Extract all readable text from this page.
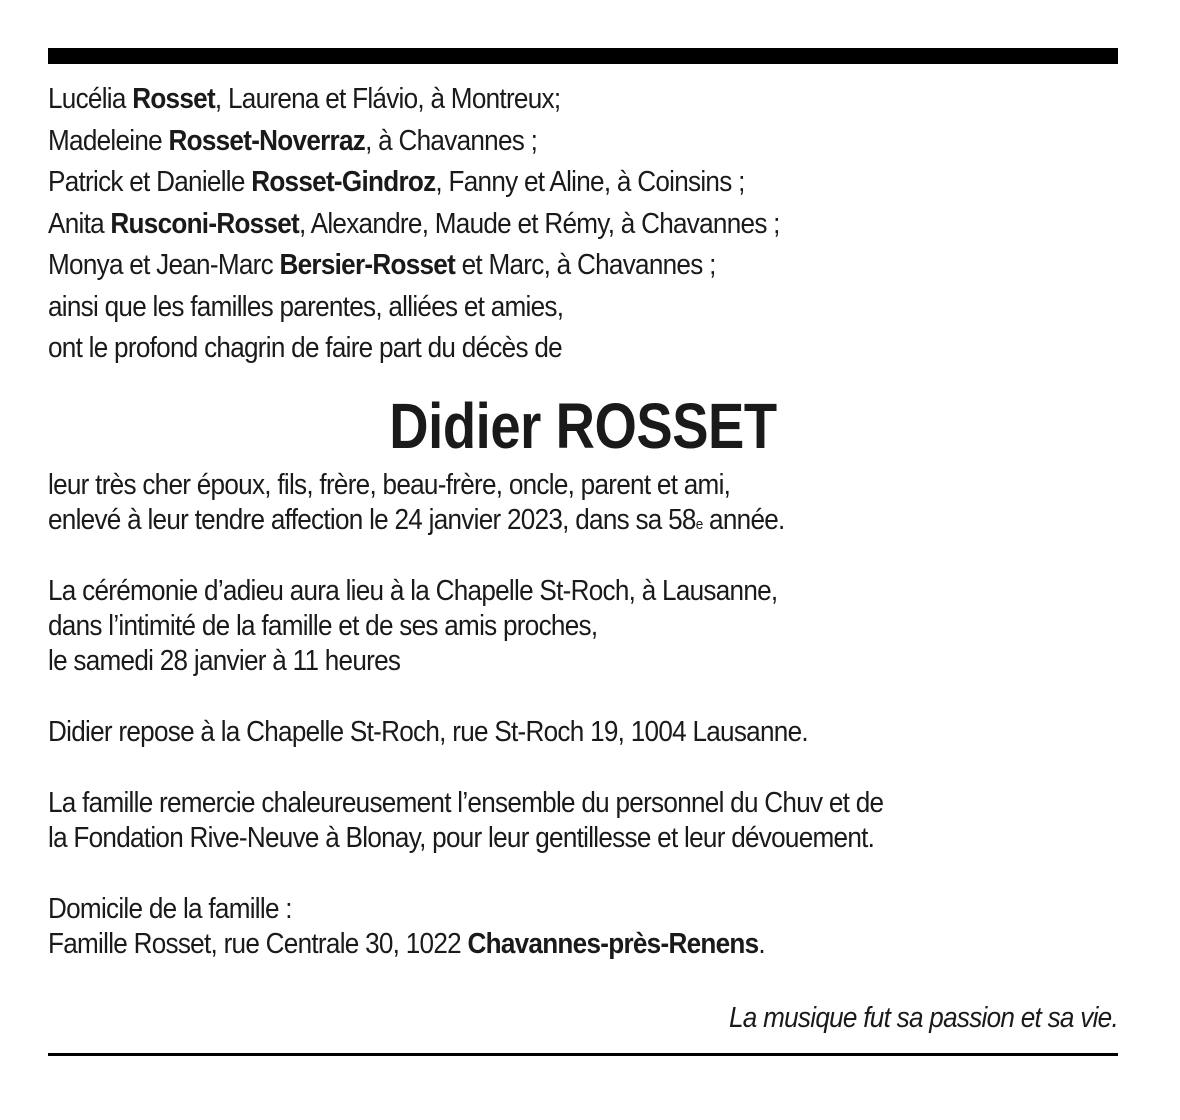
Lucélia Rosset, Laurena et Flávio, à Montreux;
Madeleine Rosset-Noverraz, à Chavannes ;
Patrick et Danielle Rosset-Gindroz, Fanny et Aline, à Coinsins ;
Anita Rusconi-Rosset, Alexandre, Maude et Rémy, à Chavannes ;
Monya et Jean-Marc Bersier-Rosset et Marc, à Chavannes ;
ainsi que les familles parentes, alliées et amies,
ont le profond chagrin de faire part du décès de
Didier ROSSET
leur très cher époux, fils, frère, beau-frère, oncle, parent et ami,
enlevé à leur tendre affection le 24 janvier 2023, dans sa 58e année.
La cérémonie d’adieu aura lieu à la Chapelle St-Roch, à Lausanne,
dans l’intimité de la famille et de ses amis proches,
le samedi 28 janvier à 11 heures
Didier repose à la Chapelle St-Roch, rue St-Roch 19, 1004 Lausanne.
La famille remercie chaleureusement l’ensemble du personnel du Chuv et de
la Fondation Rive-Neuve à Blonay, pour leur gentillesse et leur dévouement.
Domicile de la famille :
Famille Rosset, rue Centrale 30, 1022 Chavannes-près-Renens.
La musique fut sa passion et sa vie.
